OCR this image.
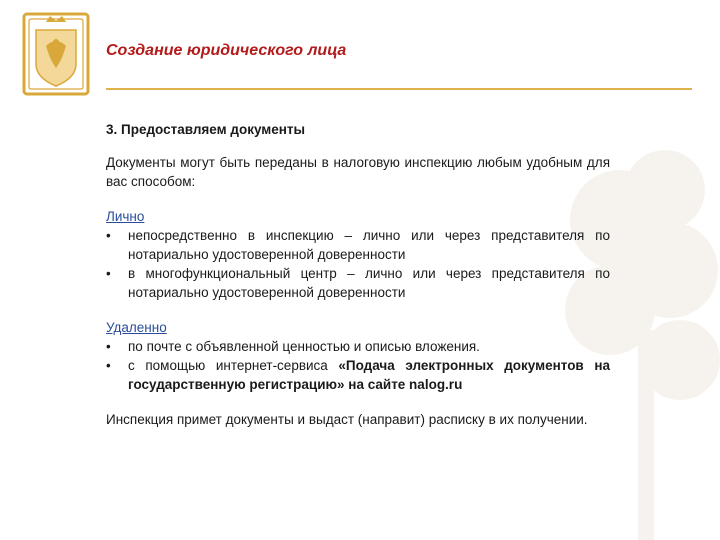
Создание юридического лица

3. Предоставляем документы

Документы могут быть переданы в налоговую инспекцию любым удобным для вас способом:

Лично
• непосредственно в инспекцию – лично или через представителя по нотариально удостоверенной доверенности
• в многофункциональный центр – лично или через представителя по нотариально удостоверенной доверенности
Удаленно
• по почте с объявленной ценностью и описью вложения.
• с помощью интернет-сервиса «Подача электронных документов на государственную регистрацию» на сайте nalog.ru

Инспекция примет документы и выдаст (направит) расписку в их получении.
